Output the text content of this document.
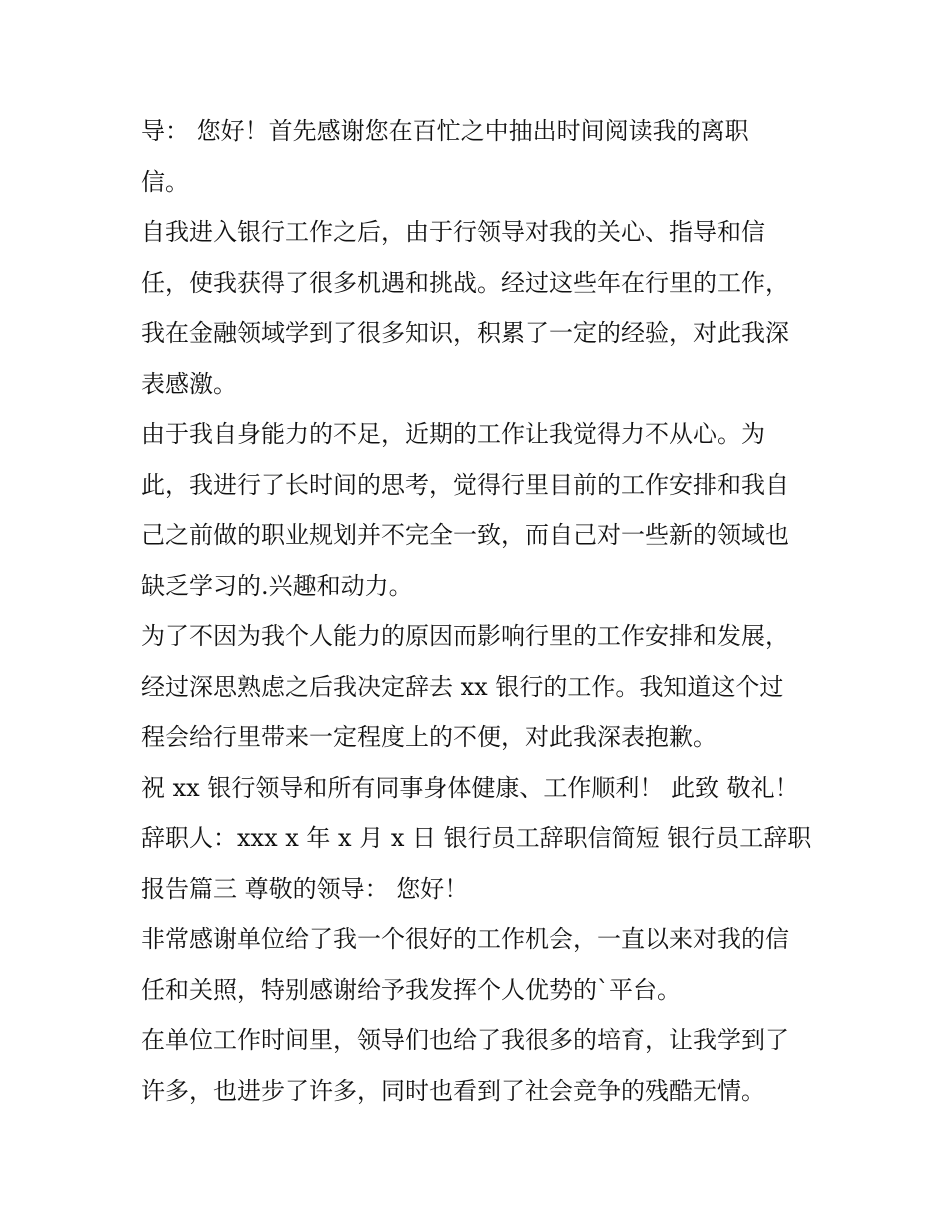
导： 您好！首先感谢您在百忙之中抽出时间阅读我的离职
信。
自我进入银行工作之后，由于行领导对我的关心、指导和信
任，使我获得了很多机遇和挑战。经过这些年在行里的工作，
我在金融领域学到了很多知识，积累了一定的经验，对此我深
表感激。
由于我自身能力的不足，近期的工作让我觉得力不从心。为
此，我进行了长时间的思考，觉得行里目前的工作安排和我自
己之前做的职业规划并不完全一致，而自己对一些新的领域也
缺乏学习的.兴趣和动力。
为了不因为我个人能力的原因而影响行里的工作安排和发展，
经过深思熟虑之后我决定辞去 xx 银行的工作。我知道这个过
程会给行里带来一定程度上的不便，对此我深表抱歉。
祝 xx 银行领导和所有同事身体健康、工作顺利！ 此致 敬礼！
辞职人：xxx x 年 x 月 x 日 银行员工辞职信简短 银行员工辞职
报告篇三 尊敬的领导： 您好！
非常感谢单位给了我一个很好的工作机会，一直以来对我的信
任和关照，特别感谢给予我发挥个人优势的`平台。
在单位工作时间里，领导们也给了我很多的培育，让我学到了
许多，也进步了许多，同时也看到了社会竞争的残酷无情。
